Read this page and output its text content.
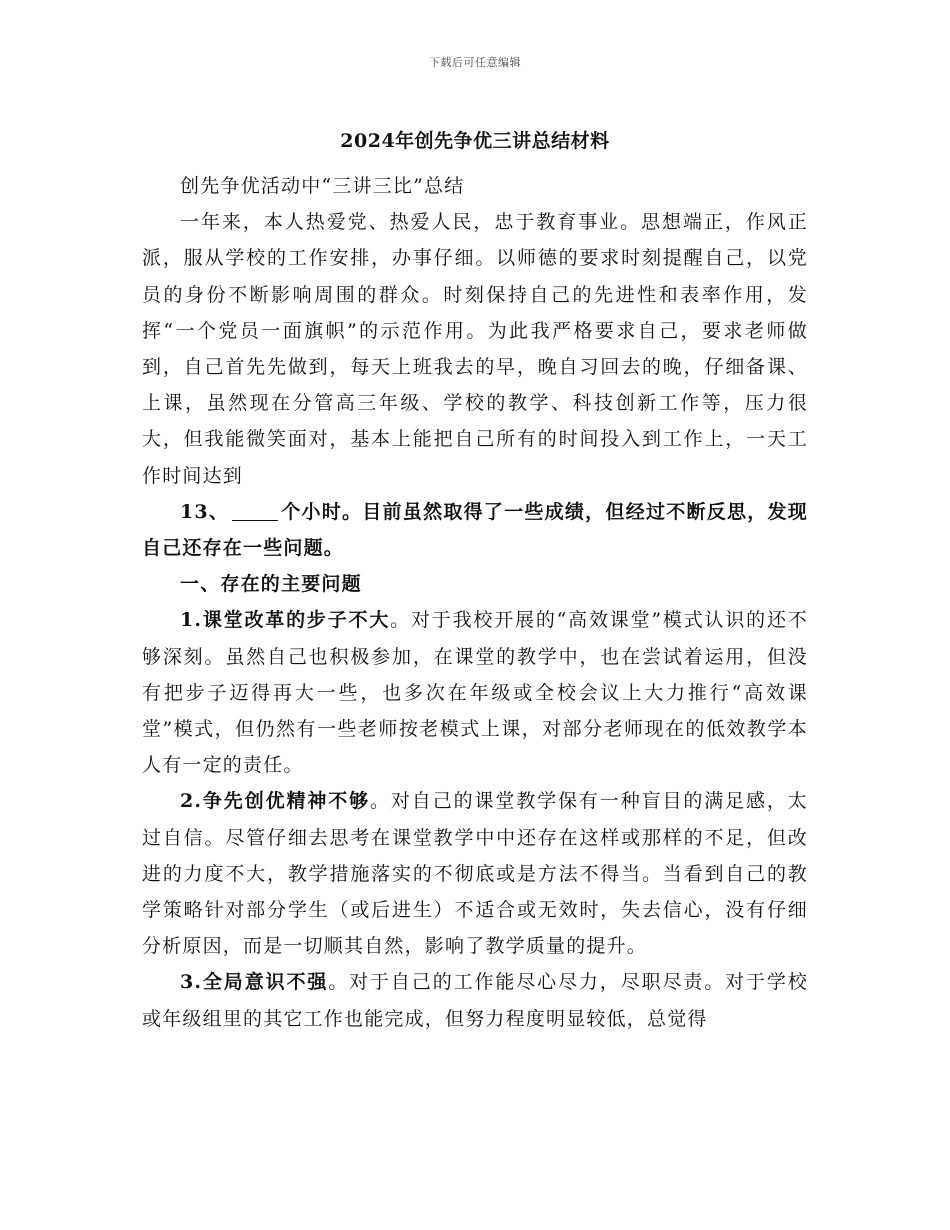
下载后可任意编辑
2024年创先争优三讲总结材料

创先争优活动中“三讲三比”总结

一年来，本人热爱党、热爱人民，忠于教育事业。思想端正，作风正派，服从学校的工作安排，办事仔细。以师德的要求时刻提醒自己，以党员的身份不断影响周围的群众。时刻保持自己的先进性和表率作用，发挥“一个党员一面旗帜”的示范作用。为此我严格要求自己，要求老师做到，自己首先先做到，每天上班我去的早，晚自习回去的晚，仔细备课、上课，虽然现在分管高三年级、学校的教学、科技创新工作等，压力很大，但我能微笑面对，基本上能把自己所有的时间投入到工作上，一天工作时间达到

13、	个小时。目前虽然取得了一些成绩，但经过不断反思，发现自己还存在一些问题。

一、存在的主要问题

1.课堂改革的步子不大。对于我校开展的“高效课堂”模式认识的还不够深刻。虽然自己也积极参加，在课堂的教学中，也在尝试着运用，但没有把步子迈得再大一些，也多次在年级或全校会议上大力推行“高效课堂”模式，但仍然有一些老师按老模式上课，对部分老师现在的低效教学本人有一定的责任。

2.争先创优精神不够。对自己的课堂教学保有一种盲目的满足感，太过自信。尽管仔细去思考在课堂教学中中还存在这样或那样的不足，但改进的力度不大，教学措施落实的不彻底或是方法不得当。当看到自己的教学策略针对部分学生（或后进生）不适合或无效时，失去信心，没有仔细分析原因，而是一切顺其自然，影响了教学质量的提升。

3.全局意识不强。对于自己的工作能尽心尽力，尽职尽责。对于学校或年级组里的其它工作也能完成，但努力程度明显较低，总觉得
